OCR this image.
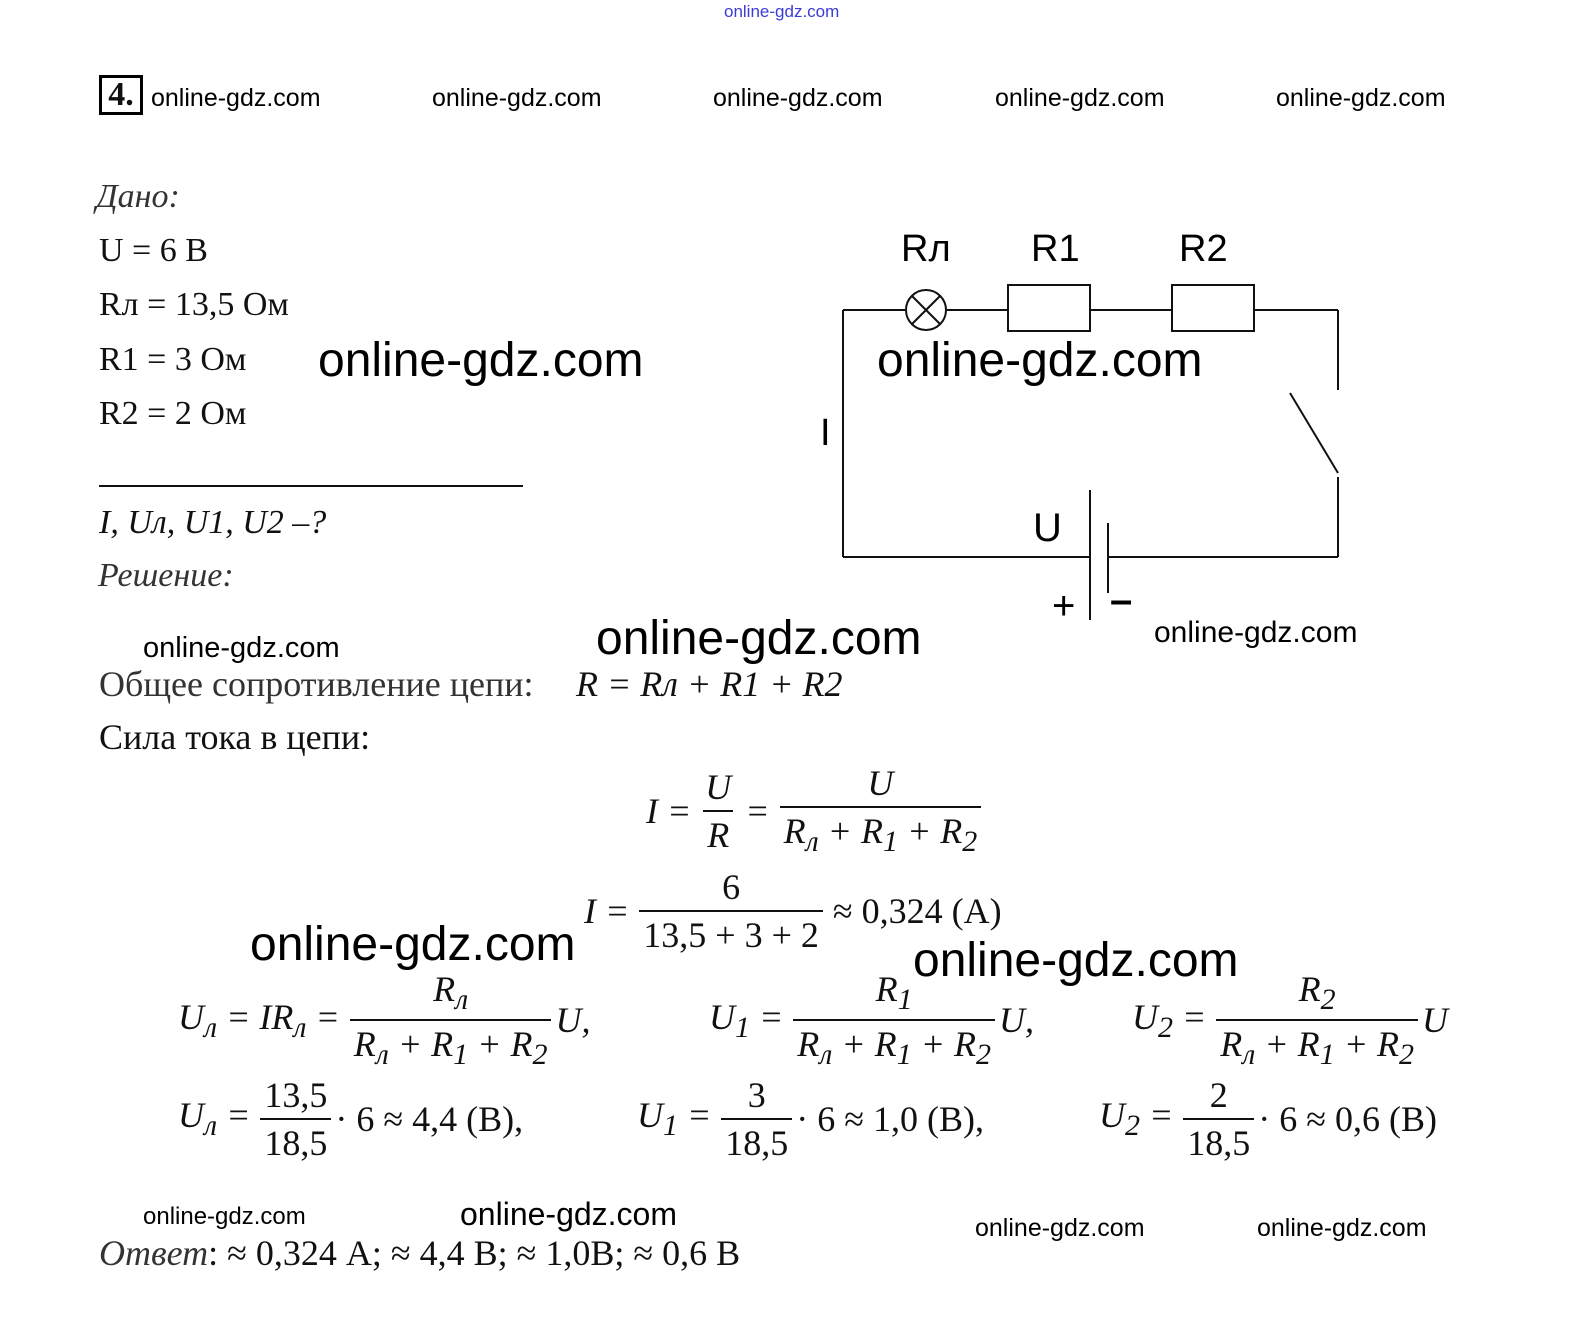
online-gdz.com
4. online-gdz.com	online-gdz.com	online-gdz.com	online-gdz.com	online-gdz.com
Дано:
U = 6 В
Rл = 13,5 Ом
R1 = 3 Ом
R2 = 2 Ом
I, Uл, U1, U2 –?
Решение:
online-gdz.com	online-gdz.com
online-gdz.com
online-gdz.com	online-gdz.com
Rл R1	R2
I
U
+ –
Общее сопротивление цепи: R = Rл + R1 + R2
Сила тока в цепи:
$I = \frac{U}{R} = \frac{U}{R_л + R_1 + R_2}$
$I = \frac{6}{13,5 + 3 + 2} \approx 0,324$ (А)
online-gdz.com	online-gdz.com
$U_л = IR_л = \frac{R_л}{R_л + R_1 + R_2} U$,	$U_1 = \frac{R_1}{R_л + R_1 + R_2} U$,	$U_2 = \frac{R_2}{R_л + R_1 + R_2}$ U
$U_л = \frac{13,5}{18,5} \cdot 6 \approx 4,4$ (В),	$U_1 = \frac{3}{18,5} \cdot 6 \approx 1,0$ (В),	$U_2 = \frac{2}{18,5} \cdot 6 \approx 0,6$ (В)
online-gdz.com	online-gdz.com	online-gdz.com	online-gdz.com
Ответ: ≈ 0,324 А; ≈ 4,4 В; ≈ 1,0В; ≈ 0,6 В
